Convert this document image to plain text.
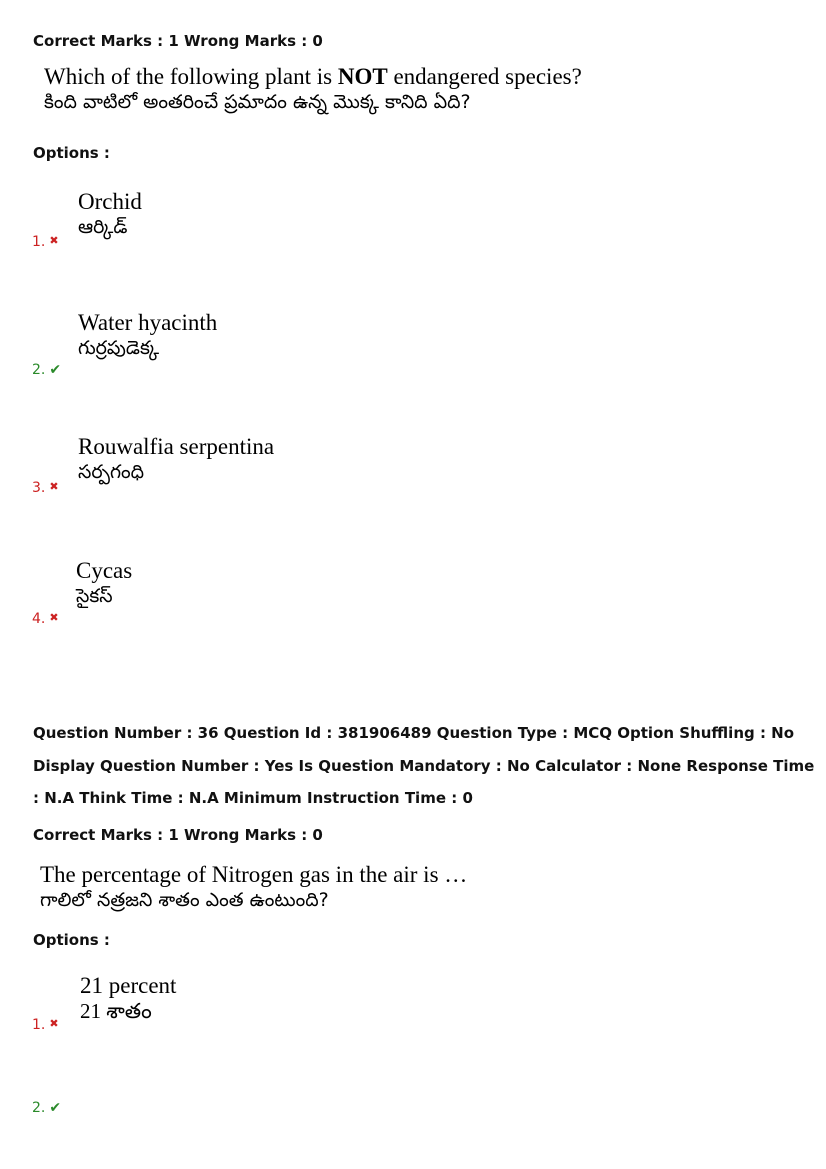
Correct Marks : 1 Wrong Marks : 0
Which of the following plant is NOT endangered species?
కింది వాటిలో అంతరించే ప్రమాదం ఉన్న మొక్క కానిది ఏది?
Options :
Orchid
ఆర్కిడ్
1. ✖
Water hyacinth
గుర్రపుడెక్క
2. ✔
Rouwalfia serpentina
సర్పగంధి
3. ✖
Cycas
సైకస్
4. ✖
Question Number : 36 Question Id : 381906489 Question Type : MCQ Option Shuffling : No
Display Question Number : Yes Is Question Mandatory : No Calculator : None Response Time
: N.A Think Time : N.A Minimum Instruction Time : 0
Correct Marks : 1 Wrong Marks : 0
The percentage of Nitrogen gas in the air is …
గాలిలో నత్రజని శాతం ఎంత ఉంటుంది?
Options :
21 percent
21 శాతం
1. ✖
2. ✔
